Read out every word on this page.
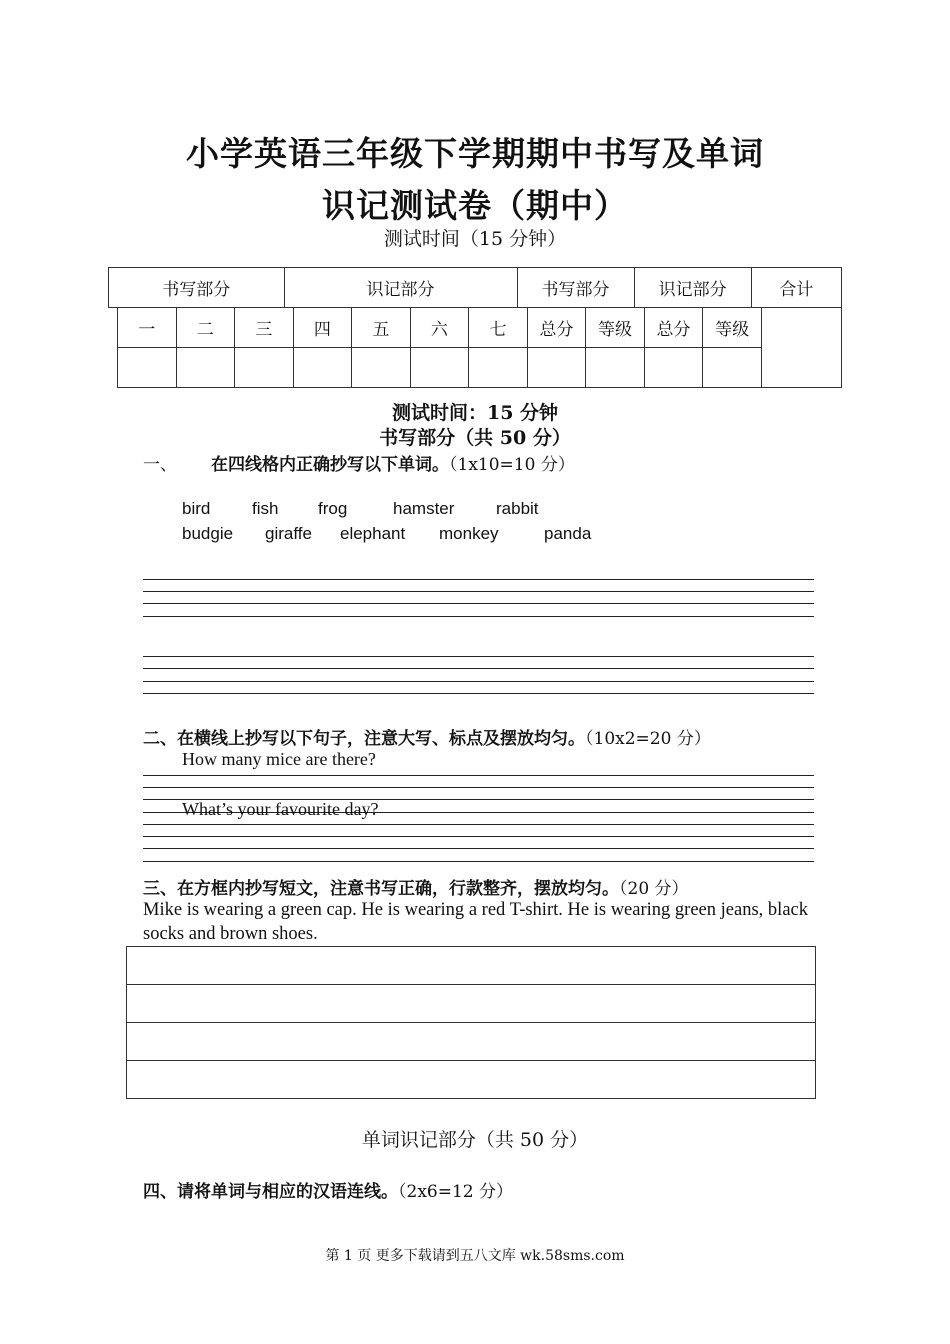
小学英语三年级下学期期中书写及单词
识记测试卷（期中）
测试时间（15 分钟）
书写部分	识记部分	书写部分	识记部分	合计
一	二	三	四	五	六	七	总分	等级	总分	等级	

测试时间：15 分钟
书写部分（共 50 分）
一、 在四线格内正确抄写以下单词。（1x10=10 分）
bird fish frog	hamster rabbit
budgie giraffe elephant monkey	panda
二、在横线上抄写以下句子，注意大写、标点及摆放均匀。（10x2=20 分）
How many mice are there?
What’s your favourite day?
三、在方框内抄写短文，注意书写正确，行款整齐，摆放均匀。（20 分）
Mike is wearing a green cap. He is wearing a red T-shirt. He is wearing green jeans, black socks and brown shoes.
单词识记部分（共 50 分）
四、请将单词与相应的汉语连线。（2x6=12 分）
第 1 页 更多下载请到五八文库 wk.58sms.com
